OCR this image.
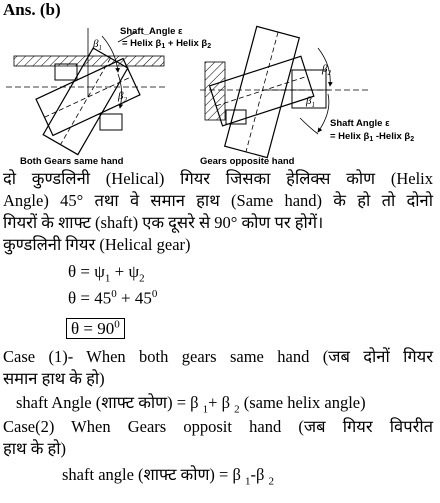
Ans. (b)
$\beta_1$
$\beta_2$
Shaft_Angle ε
= Helix $\beta_1$ + Helix $\beta_2$
Both Gears same hand
$\beta_2$
$\beta_1$
Shaft Angle ε
= Helix $\beta_1$ -Helix $\beta_2$
Gears opposite hand
दो कुण्डलिनी (Helical) गियर जिसका हेलिक्स कोण (Helix
Angle) 45° तथा वे समान हाथ (Same hand) के हो तो दोनो
गियरों के शाफ्ट (shaft) एक दूसरे से 90° कोण पर होगें।
कुण्डलिनी गियर (Helical gear)
$\theta = \psi_1 + \psi_2$
$\theta = 45^0 + 45^0$
$\theta = 90^0$
Case (1)- When both gears same hand (जब दोनों गियर
समान हाथ के हो)
shaft Angle (शाफ्ट कोण) = β $_1$+ β $_2$ (same helix angle)
Case(2) When Gears opposit hand (जब गियर विपरीत
हाथ के हो)
shaft angle (शाफ्ट कोण) = β $_1$-β $_2$
